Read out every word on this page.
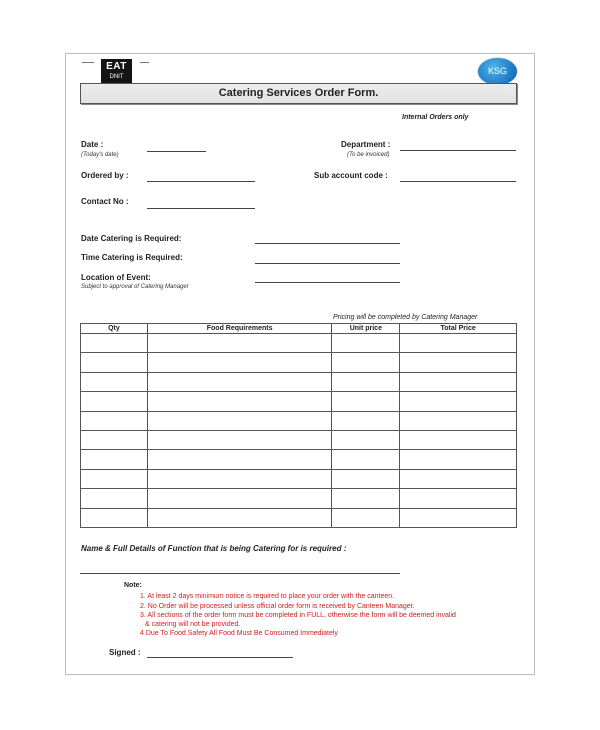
EAT
DNIT
KSG
Catering Services Order Form.
Internal Orders only
Date :
(Today's date)
Department :
(To be invoiced)
Ordered by :	Sub account code :
Contact No :
Date Catering is Required:
Time Catering is Required:
Location of Event:
Subject to approval of Catering Manager
Pricing will be completed by Catering Manager
Qty	Food Requirements	Unit price	Total Price

Name & Full Details of Function that is being Catering for is required :
Note:
1. At least 2 days minimum notice is required to place your order with the canteen.
2. No Order will be processed unless official order form is received by Canteen Manager.
3. All sections of the order form must be completed in FULL, otherwise the form will be deemed invalid
& catering will not be provided.
4 Due To Food Safety All Food Must Be Consumed Immediately
Signed :
